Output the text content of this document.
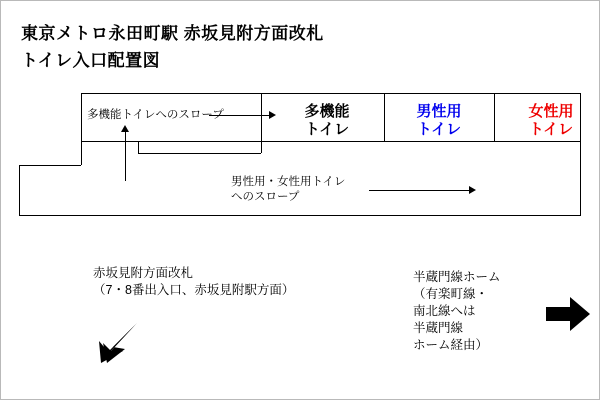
東京メトロ永田町駅 赤坂見附方面改札
トイレ入口配置図
多機能
トイレ
男性用
トイレ
女性用
トイレ
多機能トイレへのスロープ
男性用・女性用トイレ
へのスロープ
赤坂見附方面改札
（7・8番出入口、赤坂見附駅方面）
半蔵門線ホーム
（有楽町線・
南北線へは
半蔵門線
ホーム経由）
